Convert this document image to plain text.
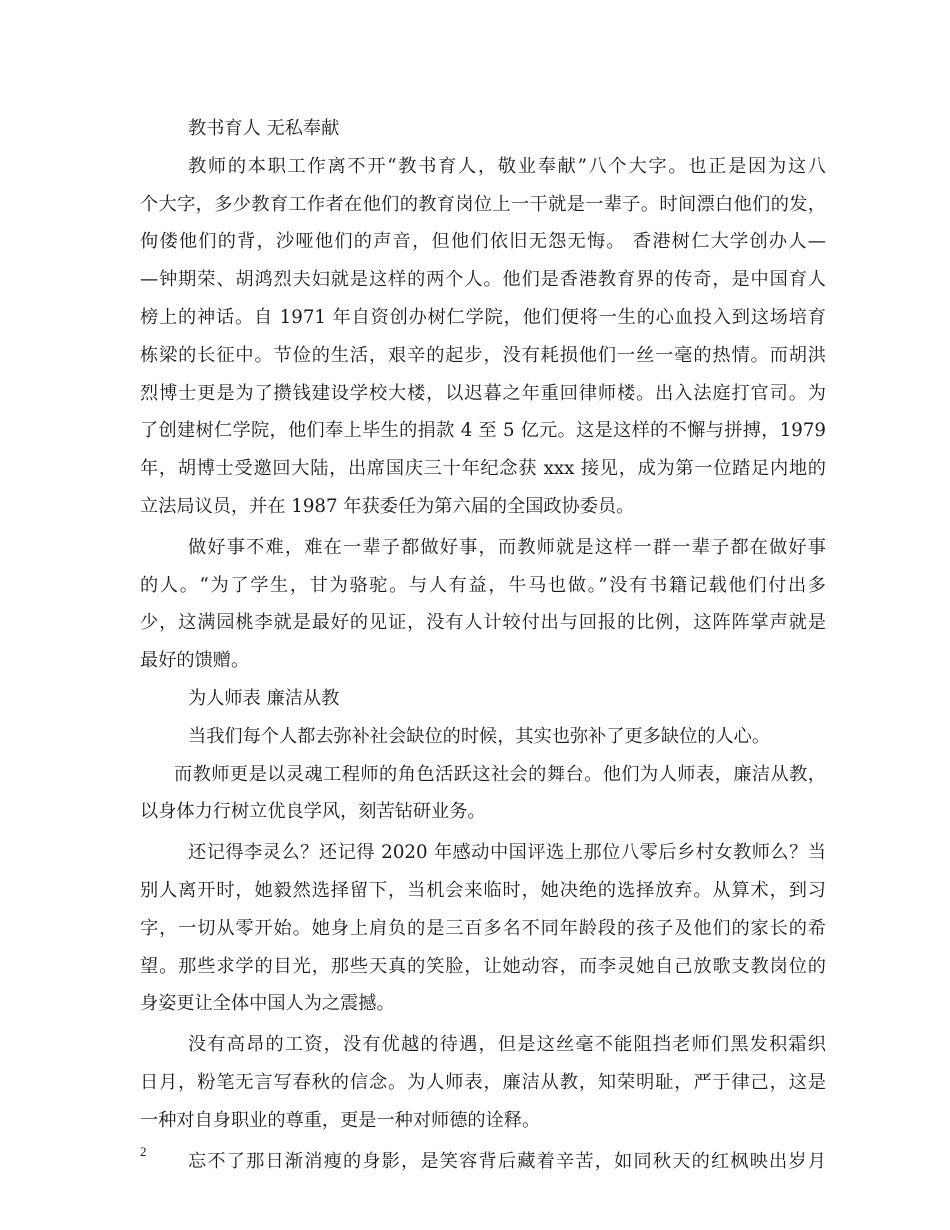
教书育人 无私奉献
教师的本职工作离不开“教书育人，敬业奉献”八个大字。也正是因为这八
个大字，多少教育工作者在他们的教育岗位上一干就是一辈子。时间漂白他们的发，
佝偻他们的背，沙哑他们的声音，但他们依旧无怨无悔。 香港树仁大学创办人—
—钟期荣、胡鸿烈夫妇就是这样的两个人。他们是香港教育界的传奇，是中国育人
榜上的神话。自 1971 年自资创办树仁学院，他们便将一生的心血投入到这场培育
栋梁的长征中。节俭的生活，艰辛的起步，没有耗损他们一丝一毫的热情。而胡洪
烈博士更是为了攒钱建设学校大楼，以迟暮之年重回律师楼。出入法庭打官司。为
了创建树仁学院，他们奉上毕生的捐款 4 至 5 亿元。这是这样的不懈与拼搏，1979
年，胡博士受邀回大陆，出席国庆三十年纪念获 xxx 接见，成为第一位踏足内地的
立法局议员，并在 1987 年获委任为第六届的全国政协委员。
做好事不难，难在一辈子都做好事，而教师就是这样一群一辈子都在做好事
的人。“为了学生，甘为骆驼。与人有益，牛马也做。”没有书籍记载他们付出多
少，这满园桃李就是最好的见证，没有人计较付出与回报的比例，这阵阵掌声就是
最好的馈赠。
为人师表 廉洁从教
当我们每个人都去弥补社会缺位的时候，其实也弥补了更多缺位的人心。
而教师更是以灵魂工程师的角色活跃这社会的舞台。他们为人师表，廉洁从教，
以身体力行树立优良学风，刻苦钻研业务。
还记得李灵么？还记得 2020 年感动中国评选上那位八零后乡村女教师么？当
别人离开时，她毅然选择留下，当机会来临时，她决绝的选择放弃。从算术，到习
字，一切从零开始。她身上肩负的是三百多名不同年龄段的孩子及他们的家长的希
望。那些求学的目光，那些天真的笑脸，让她动容，而李灵她自己放歌支教岗位的
身姿更让全体中国人为之震撼。
没有高昂的工资，没有优越的待遇，但是这丝毫不能阻挡老师们黑发积霜织
日月，粉笔无言写春秋的信念。为人师表，廉洁从教，知荣明耻，严于律己，这是
一种对自身职业的尊重，更是一种对师德的诠释。
忘不了那日渐消瘦的身影，是笑容背后藏着辛苦，如同秋天的红枫映出岁月
2
